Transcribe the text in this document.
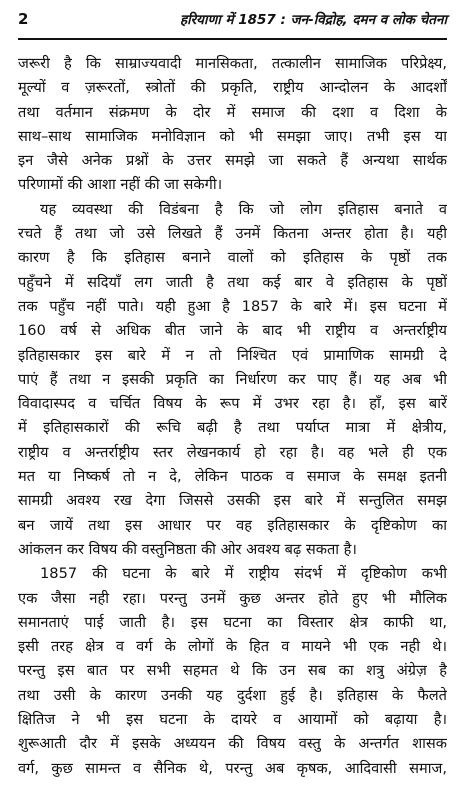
2	हरियाणा में 1857 : जन-विद्रोह, दमन व लोक चेतना
जरूरी है कि साम्राज्यवादी मानसिकता, तत्कालीन सामाजिक परिप्रेक्ष्य,
मूल्यों व ज़रूरतों, स्त्रोतों की प्रकृति, राष्ट्रीय आन्दोलन के आदर्शों
तथा वर्तमान संक्रमण के दोर में समाज की दशा व दिशा के
साथ–साथ सामाजिक मनोविज्ञान को भी समझा जाए। तभी इस या
इन जैसे अनेक प्रश्नों के उत्तर समझे जा सकते हैं अन्यथा सार्थक
परिणामों की आशा नहीं की जा सकेगी।
यह व्यवस्था की विडंबना है कि जो लोग इतिहास बनाते व
रचते हैं तथा जो उसे लिखते हैं उनमें कितना अन्तर होता है। यही
कारण है कि इतिहास बनाने वालों को इतिहास के पृष्ठों तक
पहुँचने में सदियाँ लग जाती है तथा कई बार वे इतिहास के पृष्ठों
तक पहुँच नहीं पाते। यही हुआ है 1857 के बारे में। इस घटना में
160 वर्ष से अधिक बीत जाने के बाद भी राष्ट्रीय व अन्तर्राष्ट्रीय
इतिहासकार इस बारे में न तो निश्चित एवं प्रामाणिक सामग्री दे
पाएं हैं तथा न इसकी प्रकृति का निर्धारण कर पाए हैं। यह अब भी
विवादास्पद व चर्चित विषय के रूप में उभर रहा है। हाँ, इस बारें
में इतिहासकारों की रूचि बढ़ी है तथा पर्याप्त मात्रा में क्षेत्रीय,
राष्ट्रीय व अन्तर्राष्ट्रीय स्तर लेखनकार्य हो रहा है। वह भले ही एक
मत या निष्कर्ष तो न दे, लेकिन पाठक व समाज के समक्ष इतनी
सामग्री अवश्य रख देगा जिससे उसकी इस बारे में सन्तुलित समझ
बन जायें तथा इस आधार पर वह इतिहासकार के दृष्टिकोण का
आंकलन कर विषय की वस्तुनिष्ठता की ओर अवश्य बढ़ सकता है।
1857 की घटना के बारे में राष्ट्रीय संदर्भ में दृष्टिकोण कभी
एक जैसा नही रहा। परन्तु उनमें कुछ अन्तर होते हुए भी मौलिक
समानताएं पाई जाती है। इस घटना का विस्तार क्षेत्र काफी था,
इसी तरह क्षेत्र व वर्ग के लोगों के हित व मायने भी एक नही थे।
परन्तु इस बात पर सभी सहमत थे कि उन सब का शत्रु अंग्रेज़ है
तथा उसी के कारण उनकी यह दुर्दशा हुई है। इतिहास के फैलते
क्षितिज ने भी इस घटना के दायरे व आयामों को बढ़ाया है।
शुरूआती दौर में इसके अध्ययन की विषय वस्तु के अन्तर्गत शासक
वर्ग, कुछ सामन्त व सैनिक थे, परन्तु अब कृषक, आदिवासी समाज,
